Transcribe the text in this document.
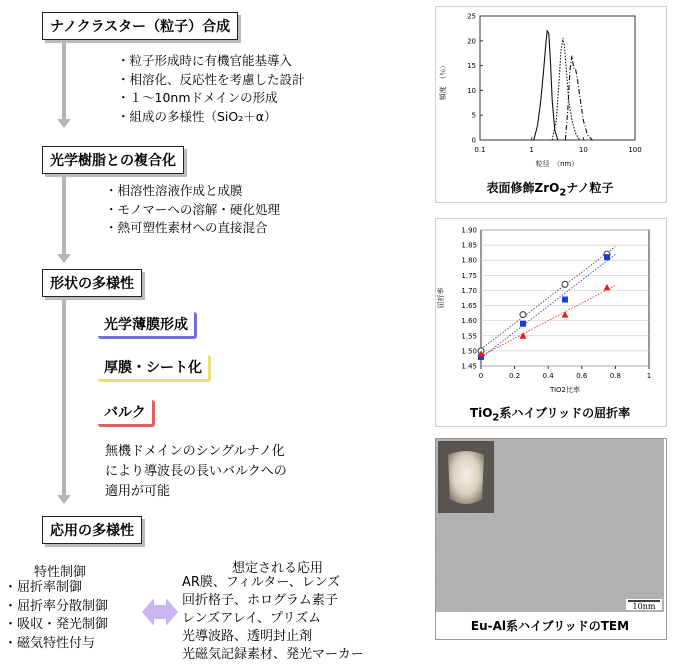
ナノクラスター（粒子）合成
・粒子形成時に有機官能基導入
・相溶化、反応性を考慮した設計
・１～10nmドメインの形成
・組成の多様性（SiO₂＋α）
光学樹脂との複合化
・相溶性溶液作成と成膜
・モノマーへの溶解・硬化処理
・熱可塑性素材への直接混合
形状の多様性
光学薄膜形成
厚膜・シート化
バルク
無機ドメインのシングルナノ化
により導波長の長いバルクへの
適用が可能
応用の多様性
特性制御
・屈折率制御
・屈折率分散制御
・吸収・発光制御
・磁気特性付与
想定される応用
AR膜、フィルター、レンズ
回折格子、ホログラム素子
レンズアレイ、プリズム
光導波路、透明封止剤
光磁気記録素材、発光マーカー
0
5
10
15
20
25
0.1	1	10	100
頻度　（％）
粒径　（nm）
表面修飾ZrO$_2$ナノ粒子
1.45
1.50
1.55
1.60
1.65
1.70
1.75
1.80
1.85
1.90
0	0.2	0.4	0.6	0.8	1
屈折率
TiO2比率
TiO$_2$系ハイブリッドの屈折率
10nm
Eu-Al系ハイブリッドのTEM
